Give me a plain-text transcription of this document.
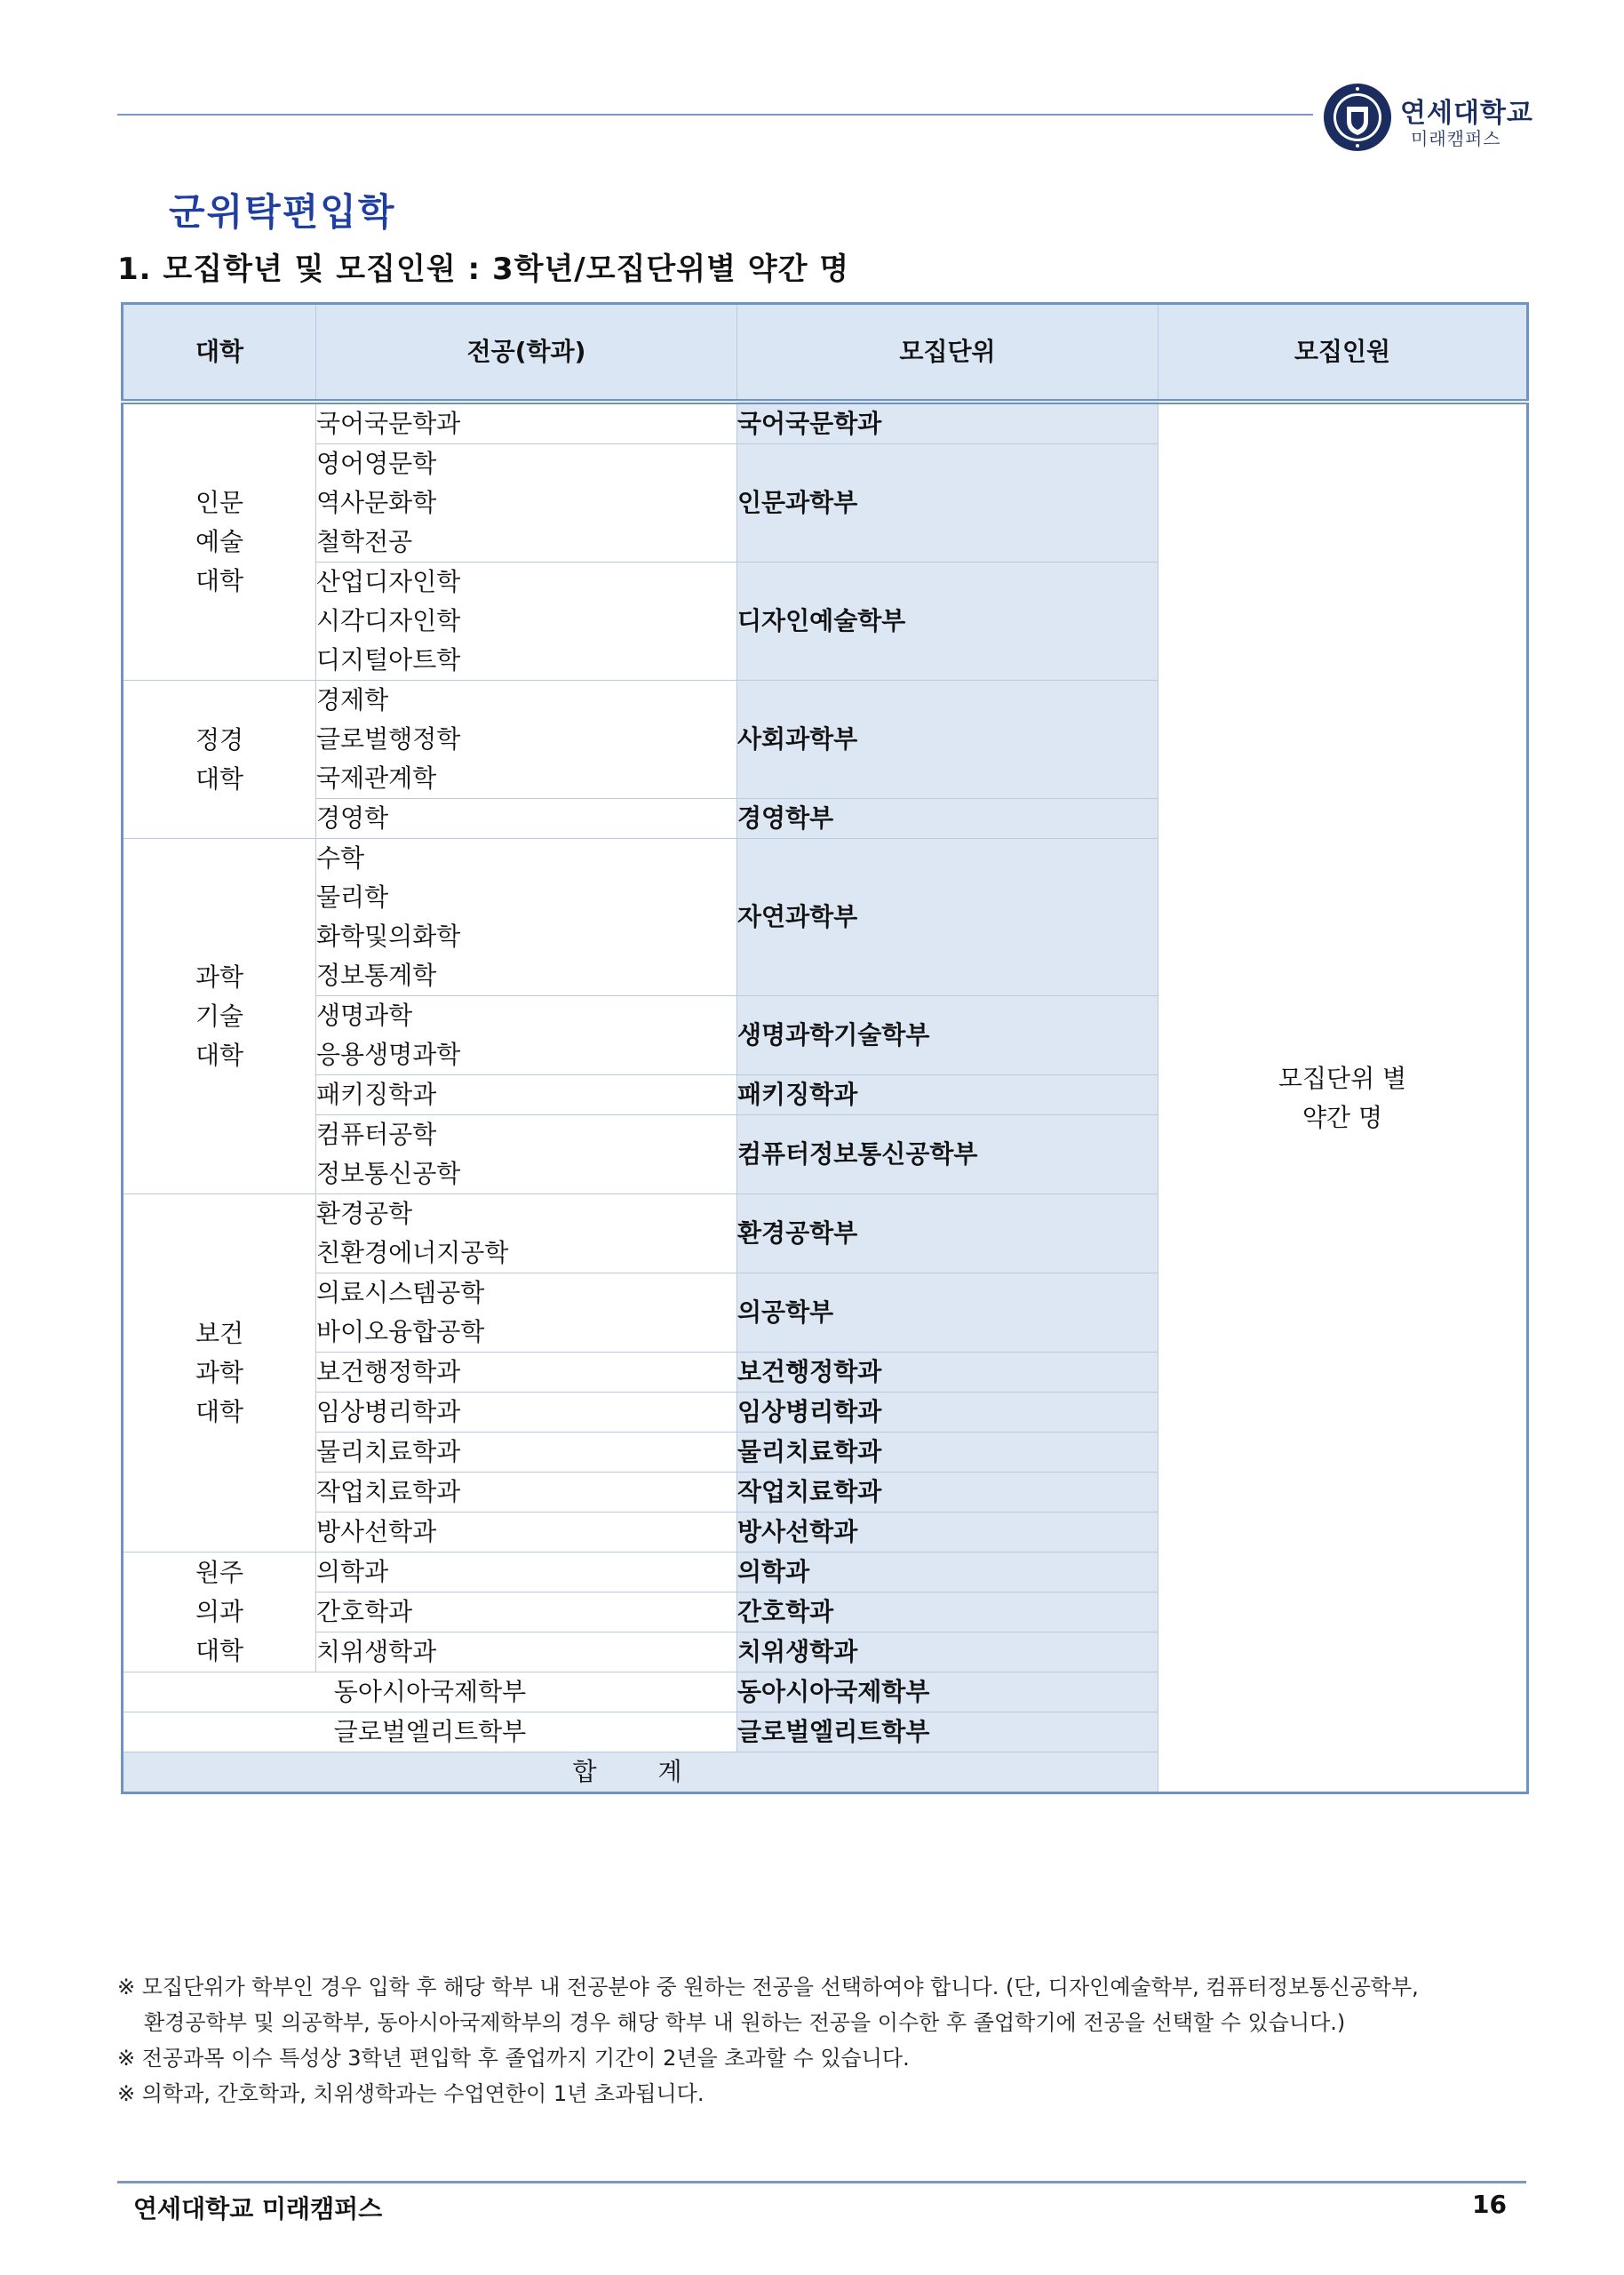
연세대학교
미래캠퍼스
군위탁편입학
1. 모집학년 및 모집인원 : 3학년/모집단위별 약간 명
대학	전공(학과)	모집단위	모집인원

인문
예술
대학	국어국문학과	국어국문학과	모집단위 별
약간 명

	영어영문학
역사문화학
철학전공	인문과학부	

	산업디자인학
시각디자인학
디지털아트학	디자인예술학부	

정경
대학	경제학
글로벌행정학
국제관계학	사회과학부	

	경영학	경영학부	

과학
기술
대학	수학
물리학
화학및의화학
정보통계학	자연과학부	

	생명과학
응용생명과학	생명과학기술학부	

	패키징학과	패키징학과	

	컴퓨터공학
정보통신공학	컴퓨터정보통신공학부	

보건
과학
대학	환경공학
친환경에너지공학	환경공학부	

	의료시스템공학
바이오융합공학	의공학부	

	보건행정학과	보건행정학과	

	임상병리학과	임상병리학과	

	물리치료학과	물리치료학과	

	작업치료학과	작업치료학과	

	방사선학과	방사선학과	

원주
의과
대학	의학과	의학과	

	간호학과	간호학과	

	치위생학과	치위생학과	

동아시아국제학부		동아시아국제학부	

글로벌엘리트학부		글로벌엘리트학부	

합 계			
※ 모집단위가 학부인 경우 입학 후 해당 학부 내 전공분야 중 원하는 전공을 선택하여야 합니다. (단, 디자인예술학부, 컴퓨터정보통신공학부,
환경공학부 및 의공학부, 동아시아국제학부의 경우 해당 학부 내 원하는 전공을 이수한 후 졸업학기에 전공을 선택할 수 있습니다.)
※ 전공과목 이수 특성상 3학년 편입학 후 졸업까지 기간이 2년을 초과할 수 있습니다.
※ 의학과, 간호학과, 치위생학과는 수업연한이 1년 초과됩니다.
연세대학교 미래캠퍼스	16
